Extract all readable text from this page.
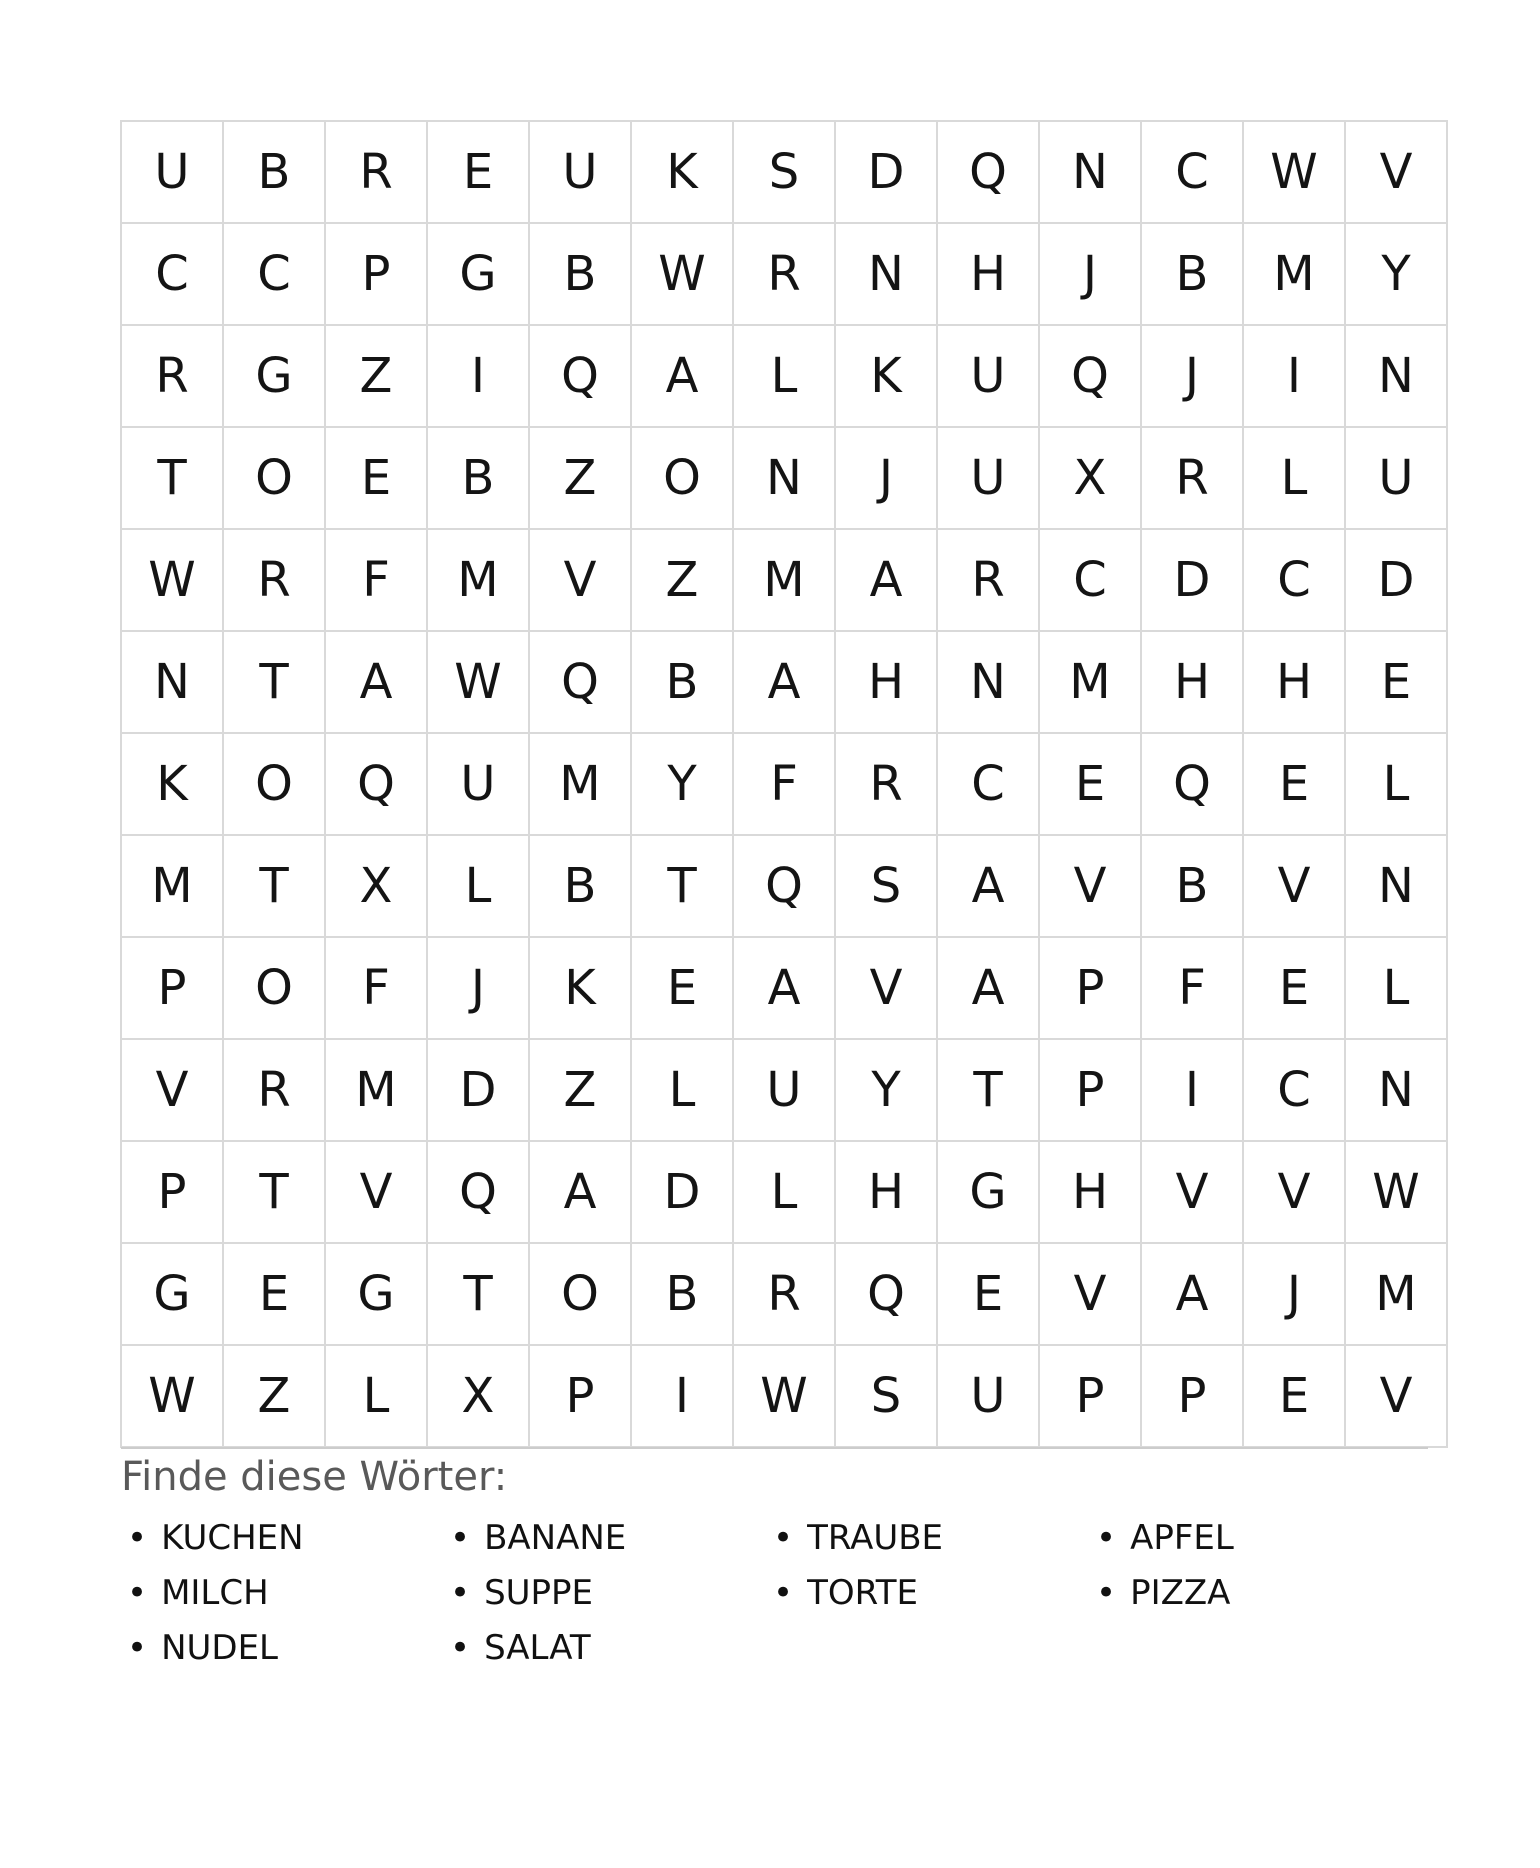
U	B	R	E	U	K	S	D	Q	N	C	W	V
C	C	P	G	B	W	R	N	H	J	B	M	Y
R	G	Z	I	Q	A	L	K	U	Q	J	I	N
T	O	E	B	Z	O	N	J	U	X	R	L	U
W	R	F	M	V	Z	M	A	R	C	D	C	D
N	T	A	W	Q	B	A	H	N	M	H	H	E
K	O	Q	U	M	Y	F	R	C	E	Q	E	L
M	T	X	L	B	T	Q	S	A	V	B	V	N
P	O	F	J	K	E	A	V	A	P	F	E	L
V	R	M	D	Z	L	U	Y	T	P	I	C	N
P	T	V	Q	A	D	L	H	G	H	V	V	W
G	E	G	T	O	B	R	Q	E	V	A	J	M
W	Z	L	X	P	I	W	S	U	P	P	E	V
Finde diese Wörter:
• KUCHEN
• MILCH
• NUDEL
• BANANE
• SUPPE
• SALAT
• TRAUBE
• TORTE
• APFEL
• PIZZA
